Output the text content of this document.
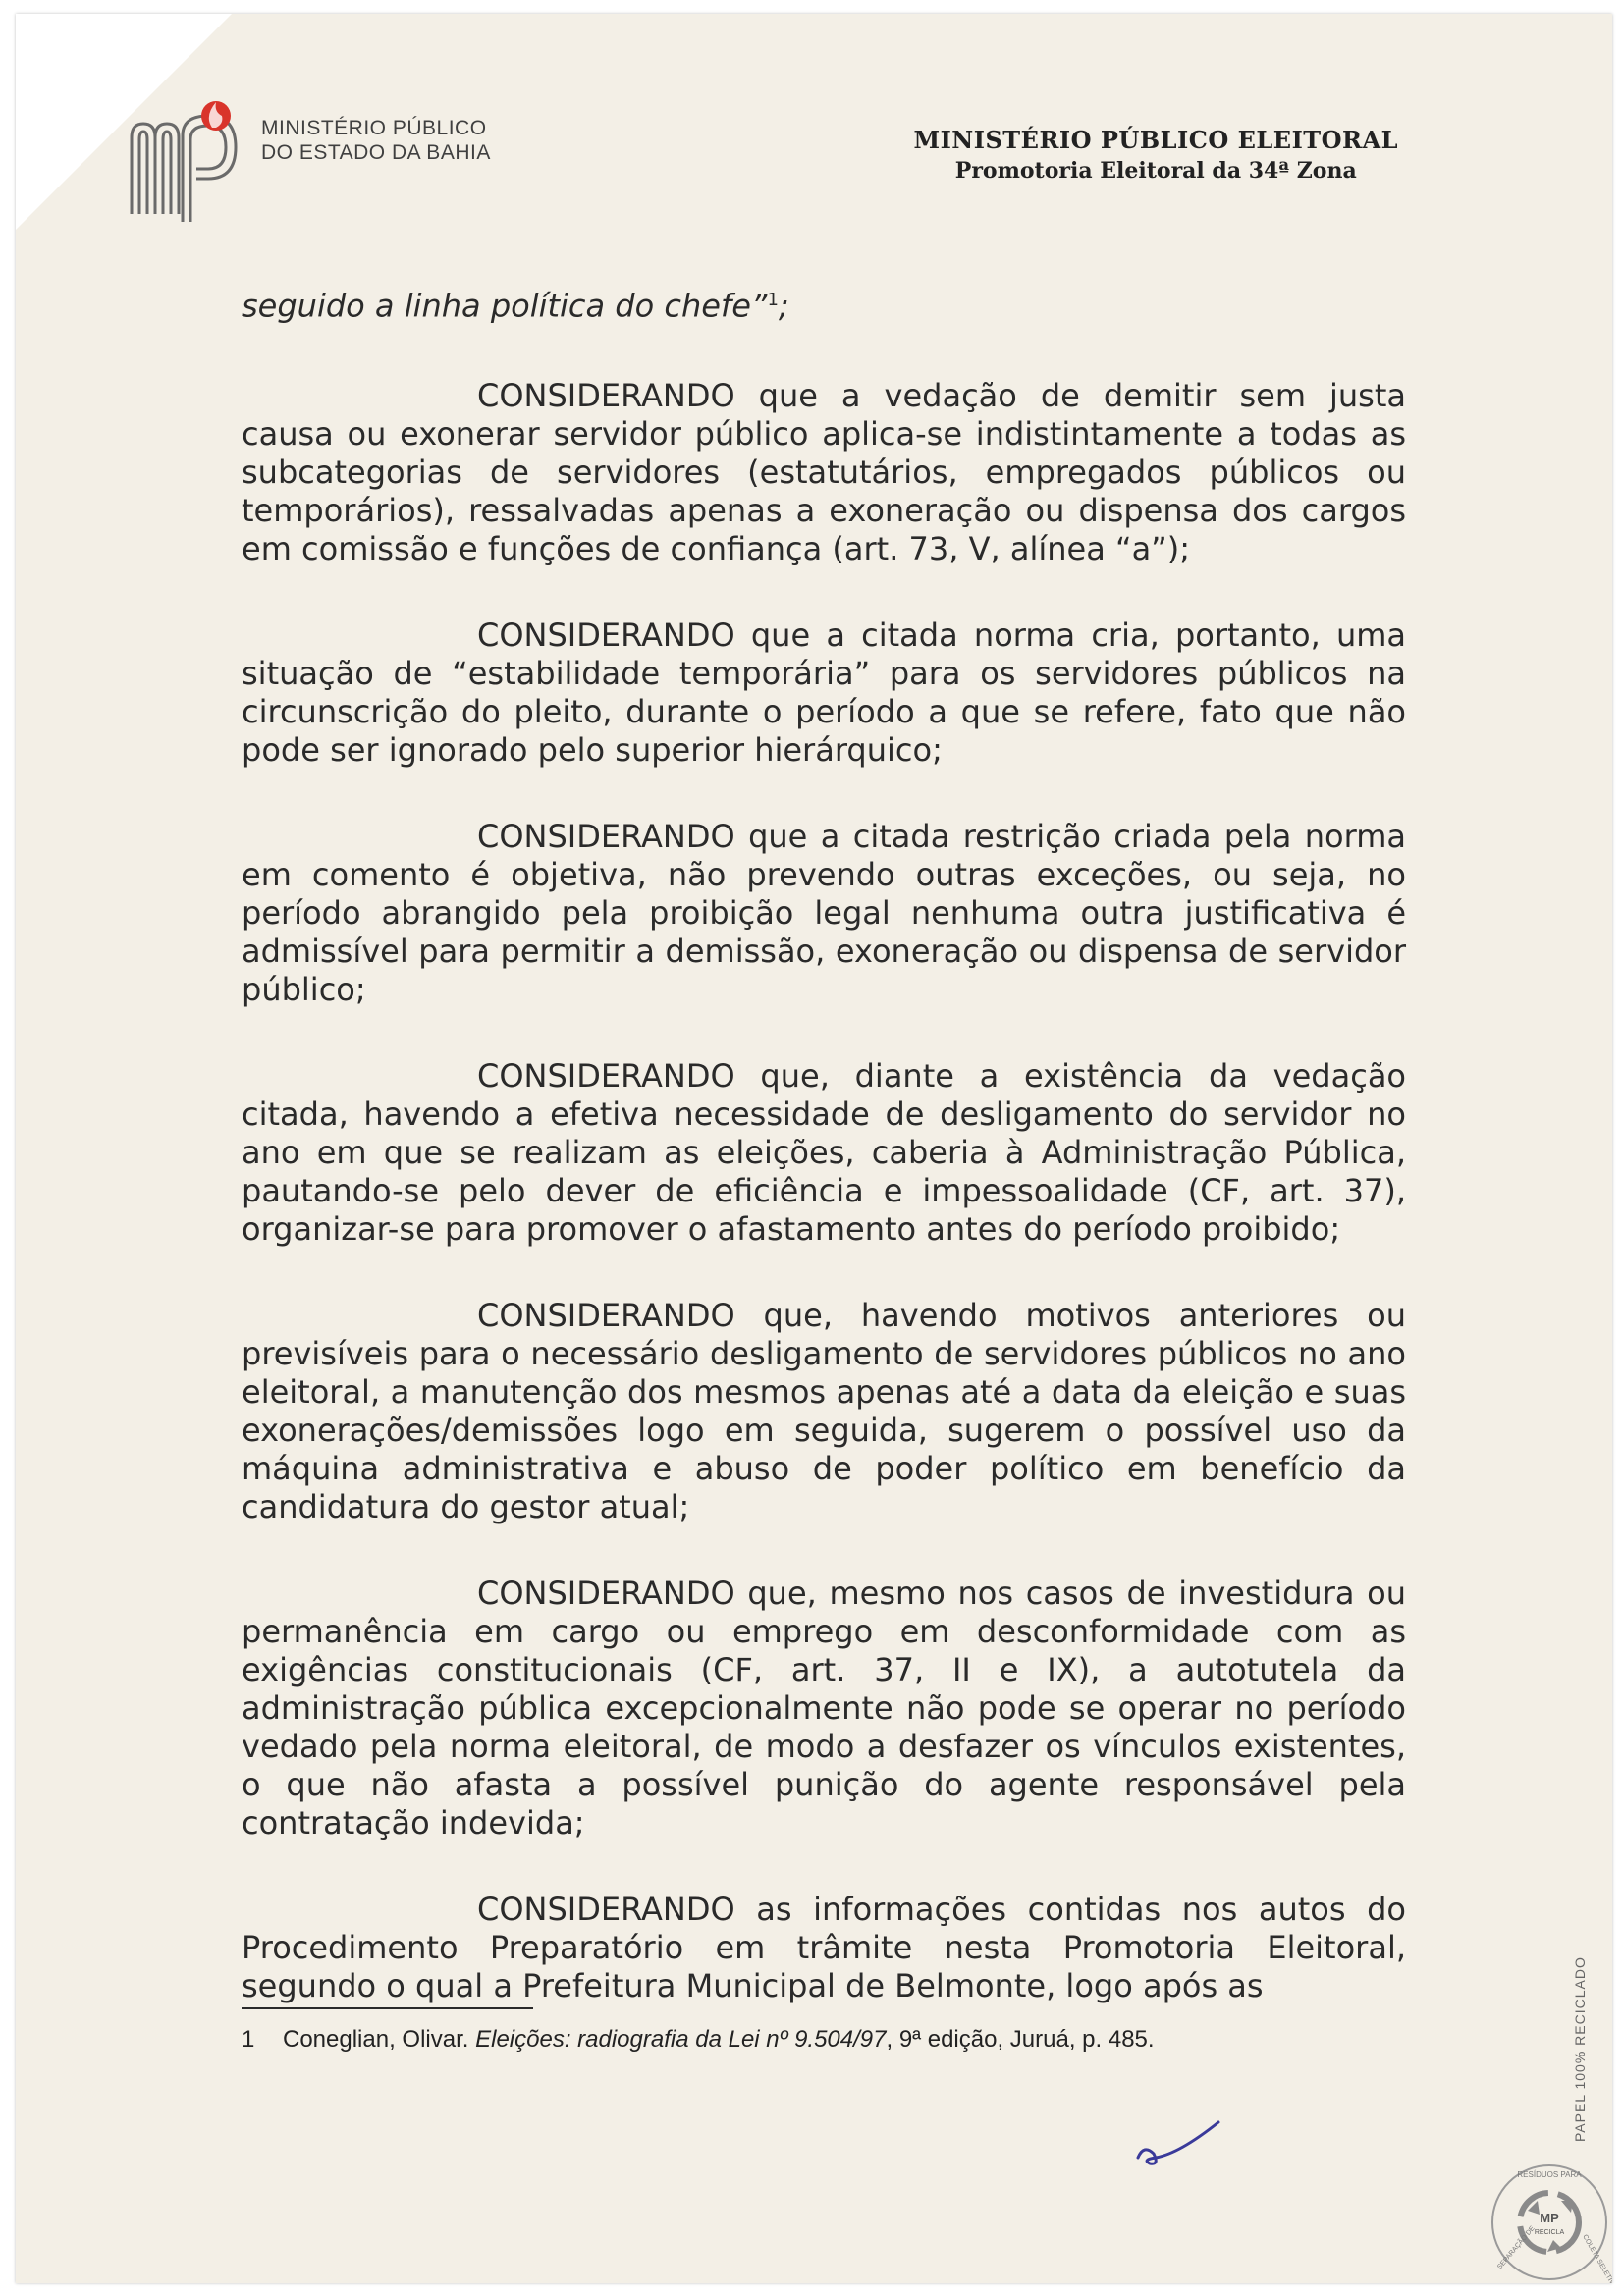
MINISTÉRIO PÚBLICO
DO ESTADO DA BAHIA	MINISTÉRIO PÚBLICO ELEITORAL
Promotoria Eleitoral da 34ª Zona

seguido a linha política do chefe”$^1$;

CONSIDERANDO que a vedação de demitir sem justa causa ou exonerar servidor público aplica-se indistintamente a todas as subcategorias de servidores (estatutários, empregados públicos ou temporários), ressalvadas apenas a exoneração ou dispensa dos cargos em comissão e funções de confiança (art. 73, V, alínea “a”);

CONSIDERANDO que a citada norma cria, portanto, uma situação de “estabilidade temporária” para os servidores públicos na circunscrição do pleito, durante o período a que se refere, fato que não pode ser ignorado pelo superior hierárquico;

CONSIDERANDO que a citada restrição criada pela norma em comento é objetiva, não prevendo outras exceções, ou seja, no período abrangido pela proibição legal nenhuma outra justificativa é admissível para permitir a demissão, exoneração ou dispensa de servidor público;

CONSIDERANDO que, diante a existência da vedação citada, havendo a efetiva necessidade de desligamento do servidor no ano em que se realizam as eleições, caberia à Administração Pública, pautando-se pelo dever de eficiência e impessoalidade (CF, art. 37), organizar-se para promover o afastamento antes do período proibido;

CONSIDERANDO que, havendo motivos anteriores ou previsíveis para o necessário desligamento de servidores públicos no ano eleitoral, a manutenção dos mesmos apenas até a data da eleição e suas exonerações/demissões logo em seguida, sugerem o possível uso da máquina administrativa e abuso de poder político em benefício da candidatura do gestor atual;

CONSIDERANDO que, mesmo nos casos de investidura ou permanência em cargo ou emprego em desconformidade com as exigências constitucionais (CF, art. 37, II e IX), a autotutela da administração pública excepcionalmente não pode se operar no período vedado pela norma eleitoral, de modo a desfazer os vínculos existentes, o que não afasta a possível punição do agente responsável pela contratação indevida;

CONSIDERANDO as informações contidas nos autos do Procedimento Preparatório em trâmite nesta Promotoria Eleitoral, segundo o qual a Prefeitura Municipal de Belmonte, logo após as

1 Coneglian, Olivar. Eleições: radiografia da Lei nº 9.504/97, 9ª edição, Juruá, p. 485.	PAPEL 100% RECICLADO
MP
RECICLA
RESÍDUOS PARA
SEPARAÇÃO DE	COLETA SELETIVA
